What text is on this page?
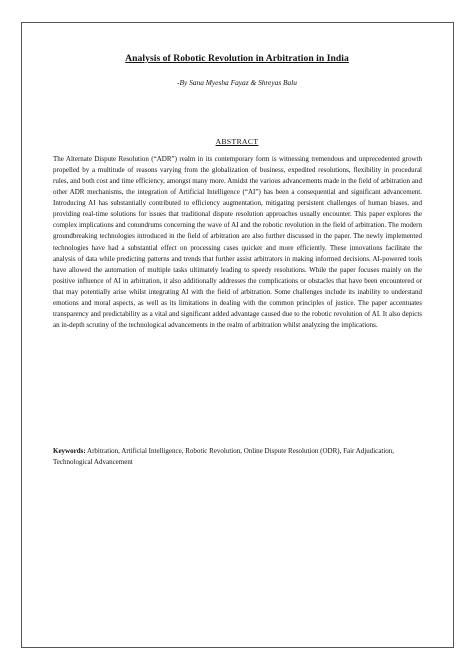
Analysis of Robotic Revolution in Arbitration in India
-By Sana Myesha Fayaz & Shreyas Balu
ABSTRACT

The Alternate Dispute Resolution (“ADR”) realm in its contemporary form is witnessing tremendous and unprecedented growth propelled by a multitude of reasons varying from the globalization of business, expedited resolutions, flexibility in procedural rules, and both cost and time efficiency, amongst many more. Amidst the various advancements made in the field of arbitration and other ADR mechanisms, the integration of Artificial Intelligence (“AI”) has been a consequential and significant advancement. Introducing AI has substantially contributed to efficiency augmentation, mitigating persistent challenges of human biases, and providing real-time solutions for issues that traditional dispute resolution approaches usually encounter. This paper explores the complex implications and conundrums concerning the wave of AI and the robotic revolution in the field of arbitration. The modern groundbreaking technologies introduced in the field of arbitration are also further discussed in the paper. The newly implemented technologies have had a substantial effect on processing cases quicker and more efficiently. These innovations facilitate the analysis of data while predicting patterns and trends that further assist arbitrators in making informed decisions. AI-powered tools have allowed the automation of multiple tasks ultimately leading to speedy resolutions. While the paper focuses mainly on the positive influence of AI in arbitration, it also additionally addresses the complications or obstacles that have been encountered or that may potentially arise whilst integrating AI with the field of arbitration. Some challenges include its inability to understand emotions and moral aspects, as well as its limitations in dealing with the common principles of justice. The paper accentuates transparency and predictability as a vital and significant added advantage caused due to the robotic revolution of AI. It also depicts an in-depth scrutiny of the technological advancements in the realm of arbitration whilst analyzing the implications.

Keywords: Arbitration, Artificial Intelligence, Robotic Revolution, Online Dispute Resolution (ODR), Fair Adjudication, Technological Advancement
